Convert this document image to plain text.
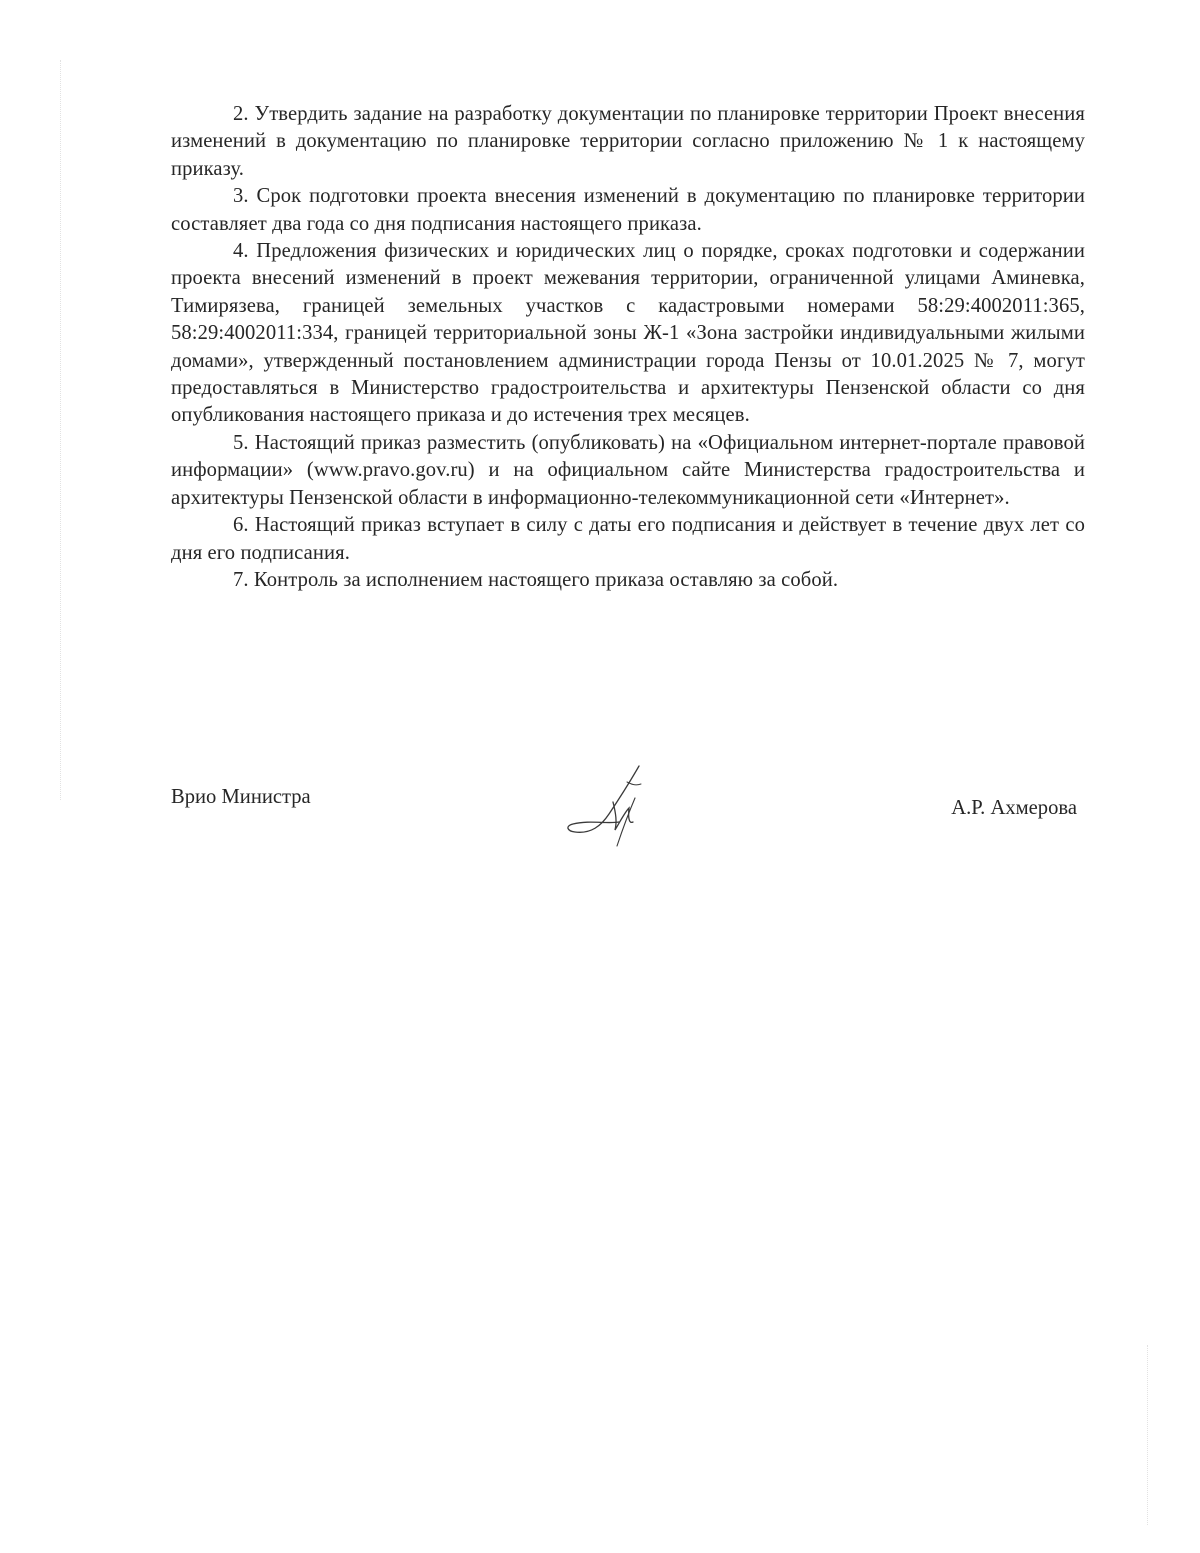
2. Утвердить задание на разработку документации по планировке территории Проект внесения изменений в документацию по планировке территории согласно приложению № 1 к настоящему приказу.

3. Срок подготовки проекта внесения изменений в документацию по планировке территории составляет два года со дня подписания настоящего приказа.

4. Предложения физических и юридических лиц о порядке, сроках подготовки и содержании проекта внесений изменений в проект межевания территории, ограниченной улицами Аминевка, Тимирязева, границей земельных участков с кадастровыми номерами 58:29:4002011:365, 58:29:4002011:334, границей территориальной зоны Ж-1 «Зона застройки индивидуальными жилыми домами», утвержденный постановлением администрации города Пензы от 10.01.2025 № 7, могут предоставляться в Министерство градостроительства и архитектуры Пензенской области со дня опубликования настоящего приказа и до истечения трех месяцев.

5. Настоящий приказ разместить (опубликовать) на «Официальном интернет-портале правовой информации» (www.pravo.gov.ru) и на официальном сайте Министерства градостроительства и архитектуры Пензенской области в информационно-телекоммуникационной сети «Интернет».

6. Настоящий приказ вступает в силу с даты его подписания и действует в течение двух лет со дня его подписания.

7. Контроль за исполнением настоящего приказа оставляю за собой.

Врио Министра	А.Р. Ахмерова
